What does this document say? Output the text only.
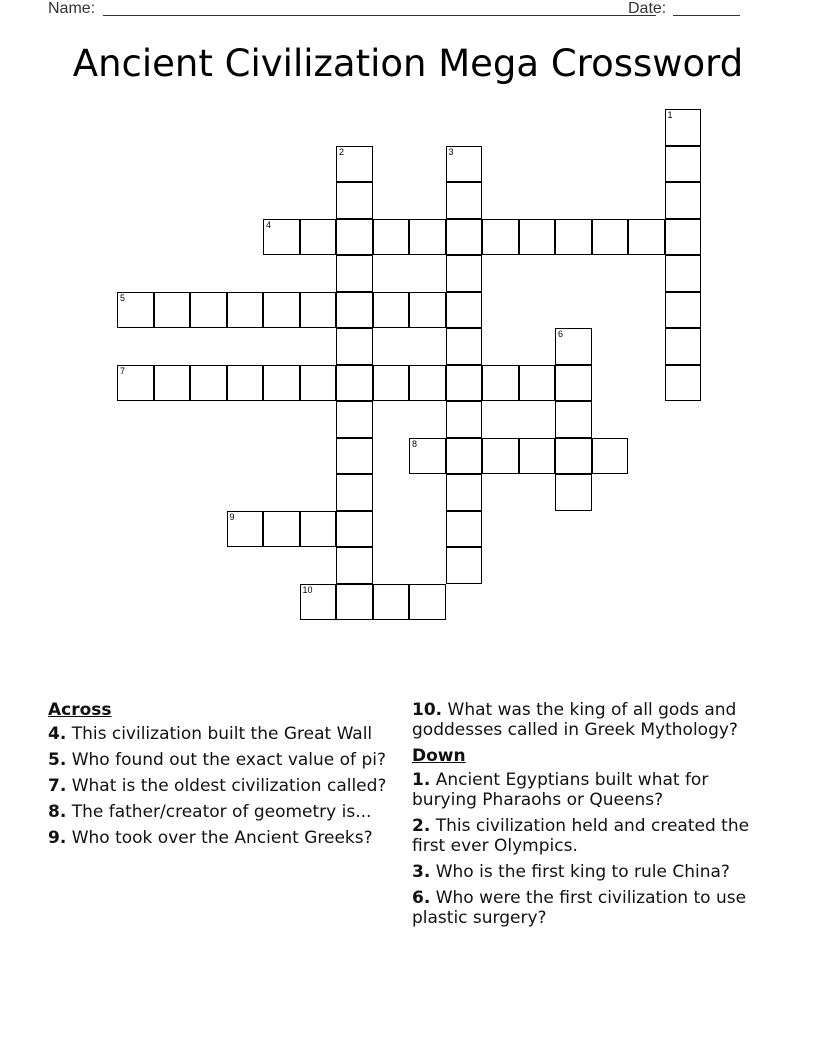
Name:	Date:
Ancient Civilization Mega Crossword
1
2	3
4
5
6
7
8
9
10
Across
4. This civilization built the Great Wall
5. Who found out the exact value of pi?
7. What is the oldest civilization called?
8. The father/creator of geometry is...
9. Who took over the Ancient Greeks?
10. What was the king of all gods and goddesses called in Greek Mythology?
Down
1. Ancient Egyptians built what for burying Pharaohs or Queens?
2. This civilization held and created the first ever Olympics.
3. Who is the first king to rule China?
6. Who were the first civilization to use plastic surgery?
